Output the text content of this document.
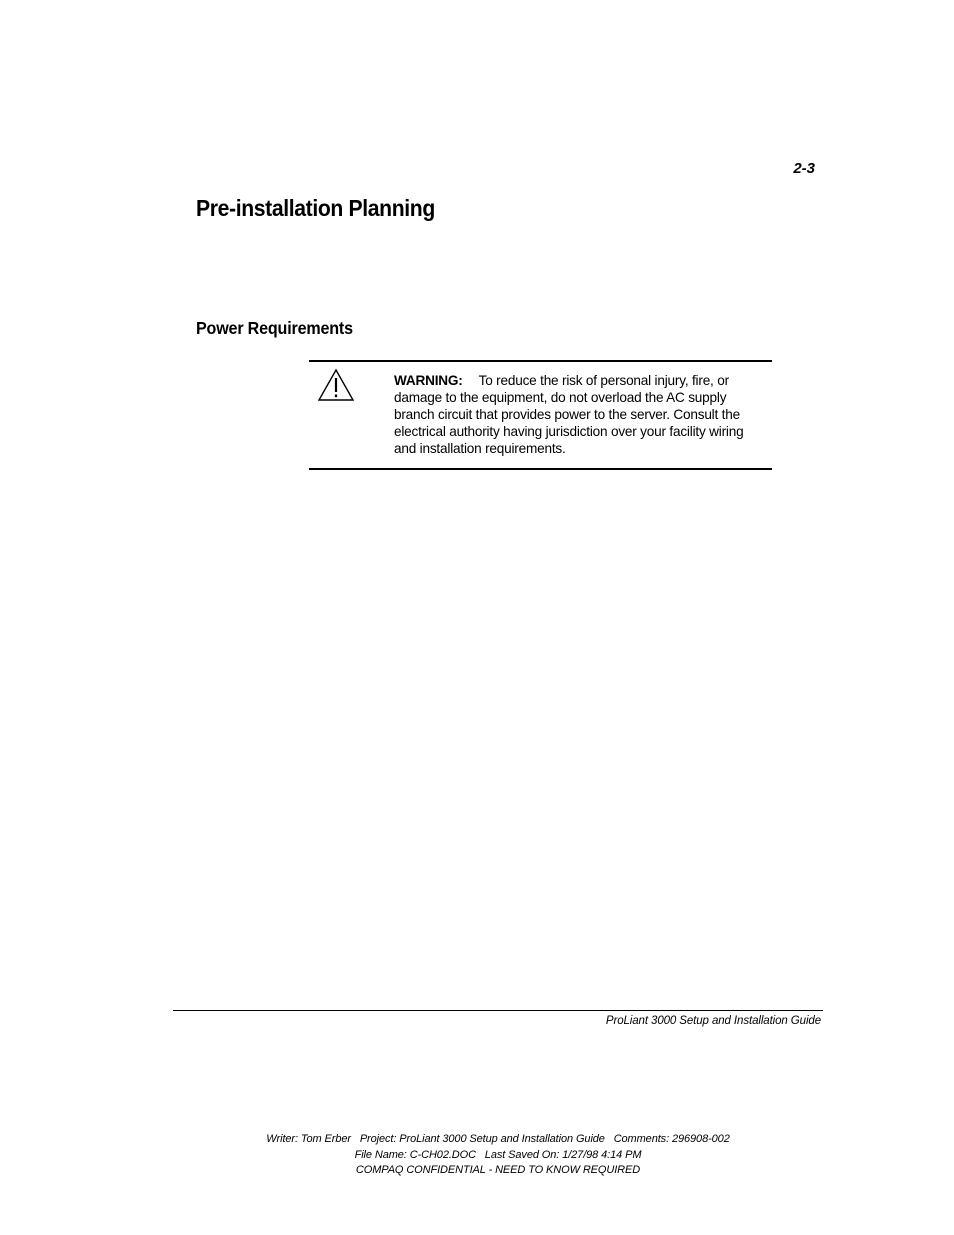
2-3
Pre-installation Planning
Power Requirements
WARNING: To reduce the risk of personal injury, fire, or damage to the equipment, do not overload the AC supply branch circuit that provides power to the server. Consult the electrical authority having jurisdiction over your facility wiring and installation requirements.
ProLiant 3000 Setup and Installation Guide
Writer: Tom Erber   Project: ProLiant 3000 Setup and Installation Guide   Comments: 296908-002
File Name: C-CH02.DOC   Last Saved On: 1/27/98 4:14 PM
COMPAQ CONFIDENTIAL - NEED TO KNOW REQUIRED
